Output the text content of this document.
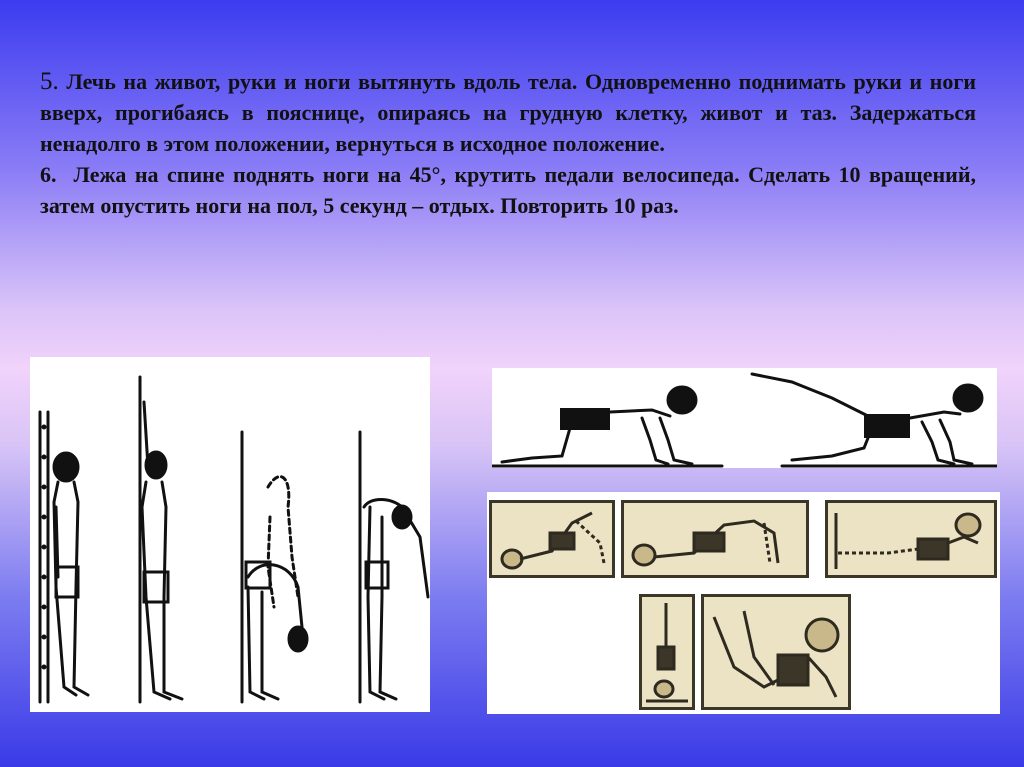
5. Лечь на живот, руки и ноги вытянуть вдоль тела. Одновременно поднимать руки и ноги вверх, прогибаясь в пояснице, опираясь на грудную клетку, живот и таз. Задержаться ненадолго в этом положении, вернуться в исходное положение.

6. Лежа на спине поднять ноги на 45°, крутить педали велосипеда. Сделать 10 вращений, затем опустить ноги на пол, 5 секунд – отдых. Повторить 10 раз.
